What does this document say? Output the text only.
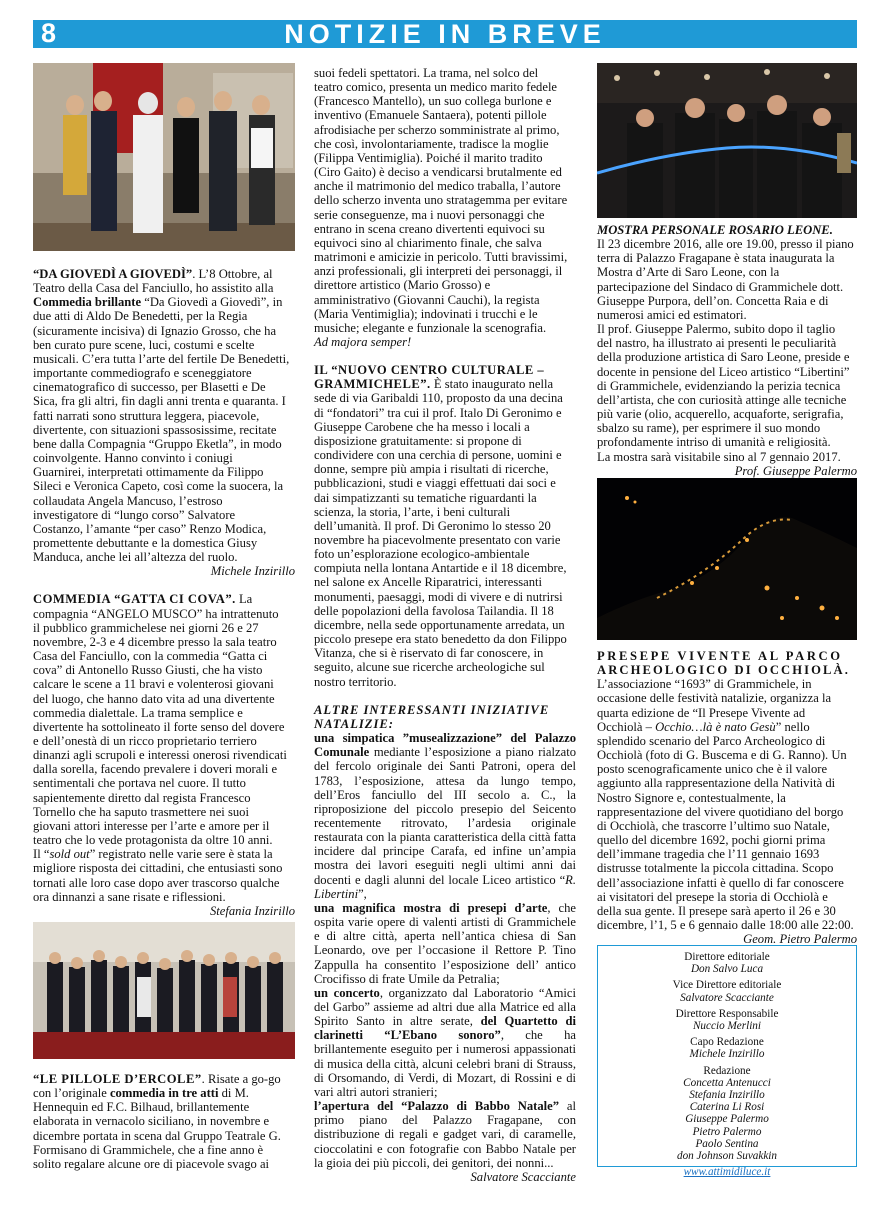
8	NOTIZIE IN BREVE

“DA GIOVEDÌ A GIOVEDÌ”. L’8 Ottobre, al
Teatro della Casa del Fanciullo, ho assistito alla
Commedia brillante “Da Giovedì a Giovedì”, in
due atti di Aldo De Benedetti, per la Regia
(sicuramente incisiva) di Ignazio Grosso, che ha
ben curato pure scene, luci, costumi e scelte
musicali. C’era tutta l’arte del fertile De Benedetti,
importante commediografo e sceneggiatore
cinematografico di successo, per Blasetti e De
Sica, fra gli altri, fin dagli anni trenta e quaranta. I
fatti narrati sono struttura leggera, piacevole,
divertente, con situazioni spassosissime, recitate
bene dalla Compagnia “Gruppo Eketla”, in modo
coinvolgente. Hanno convinto i coniugi
Guarnirei, interpretati ottimamente da Filippo
Sileci e Veronica Capeto, così come la suocera, la
collaudata Angela Mancuso, l’estroso
investigatore di “lungo corso” Salvatore
Costanzo, l’amante “per caso” Renzo Modica,
promettente debuttante e la domestica Giusy
Manduca, anche lei all’altezza del ruolo.

Michele Inzirillo

COMMEDIA “GATTA CI COVA”. La
compagnia “ANGELO MUSCO” ha intrattenuto
il pubblico grammichelese nei giorni 26 e 27
novembre, 2-3 e 4 dicembre presso la sala teatro
Casa del Fanciullo, con la commedia “Gatta ci
cova” di Antonello Russo Giusti, che ha visto
calcare le scene a 11 bravi e volenterosi giovani
del luogo, che hanno dato vita ad una divertente
commedia dialettale. La trama semplice e
divertente ha sottolineato il forte senso del dovere
e dell’onestà di un ricco proprietario terriero
dinanzi agli scrupoli e interessi onerosi rivendicati
dalla sorella, facendo prevalere i doveri morali e
sentimentali che portava nel cuore. Il tutto
sapientemente diretto dal regista Francesco
Tornello che ha saputo trasmettere nei suoi
giovani attori interesse per l’arte e amore per il
teatro che lo vede protagonista da oltre 10 anni.
Il “sold out” registrato nelle varie sere è stata la
migliore risposta dei cittadini, che entusiasti sono
tornati alle loro case dopo aver trascorso qualche
ora dinnanzi a sane risate e riflessioni.

Stefania Inzirillo

“LE PILLOLE D’ERCOLE”. Risate a go-go
con l’originale commedia in tre atti di M.
Hennequin ed F.C. Bilhaud, brillantemente
elaborata in vernacolo siciliano, in novembre e
dicembre portata in scena dal Gruppo Teatrale G.
Formisano di Grammichele, che a fine anno è
solito regalare alcune ore di piacevole svago ai

suoi fedeli spettatori. La trama, nel solco del
teatro comico, presenta un medico marito fedele
(Francesco Mantello), un suo collega burlone e
inventivo (Emanuele Santaera), potenti pillole
afrodisiache per scherzo somministrate al primo,
che così, involontariamente, tradisce la moglie
(Filippa Ventimiglia). Poiché il marito tradito
(Ciro Gaito) è deciso a vendicarsi brutalmente ed
anche il matrimonio del medico traballa, l’autore
dello scherzo inventa uno stratagemma per evitare
serie conseguenze, ma i nuovi personaggi che
entrano in scena creano divertenti equivoci su
equivoci sino al chiarimento finale, che salva
matrimoni e amicizie in pericolo. Tutti bravissimi,
anzi professionali, gli interpreti dei personaggi, il
direttore artistico (Mario Grosso) e
amministrativo (Giovanni Cauchi), la regista
(Maria Ventimiglia); indovinati i trucchi e le
musiche; elegante e funzionale la scenografia.
Ad majora semper!

IL “NUOVO CENTRO CULTURALE –
GRAMMICHELE”. È stato inaugurato nella
sede di via Garibaldi 110, proposto da una decina
di “fondatori” tra cui il prof. Italo Di Geronimo e
Giuseppe Carobene che ha messo i locali a
disposizione gratuitamente: si propone di
condividere con una cerchia di persone, uomini e
donne, sempre più ampia i risultati di ricerche,
pubblicazioni, studi e viaggi effettuati dai soci e
dai simpatizzanti su tematiche riguardanti la
scienza, la storia, l’arte, i beni culturali
dell’umanità. Il prof. Di Geronimo lo stesso 20
novembre ha piacevolmente presentato con varie
foto un’esplorazione ecologico-ambientale
compiuta nella lontana Antartide e il 18 dicembre,
nel salone ex Ancelle Riparatrici, interessanti
monumenti, paesaggi, modi di vivere e di nutrirsi
delle popolazioni della favolosa Tailandia. Il 18
dicembre, nella sede opportunamente arredata, un
piccolo presepe era stato benedetto da don Filippo
Vitanza, che si è riservato di far conoscere, in
seguito, alcune sue ricerche archeologiche sul
nostro territorio.

ALTRE INTERESSANTI INIZIATIVE
NATALIZIE:
una simpatica ”musealizzazione” del Palazzo Comunale mediante l’esposizione a piano rialzato del fercolo originale dei Santi Patroni, opera del 1783, l’esposizione, attesa da lungo tempo, dell’Eros fanciullo del III secolo a. C., la riproposizione del piccolo presepio del Seicento recentemente ritrovato, l’ardesia originale restaurata con la pianta caratteristica della città fatta incidere dal principe Carafa, ed infine un’ampia mostra dei lavori eseguiti negli ultimi anni dai docenti e dagli alunni del locale Liceo artistico “R. Libertini”,
una magnifica mostra di presepi d’arte, che ospita varie opere di valenti artisti di Grammichele e di altre città, aperta nell’antica chiesa di San Leonardo, ove per l’occasione il Rettore P. Tino Zappulla ha consentito l’esposizione dell’ antico Crocifisso di frate Umile da Petralia;
un concerto, organizzato dal Laboratorio “Amici del Garbo” assieme ad altri due alla Matrice ed alla Spirito Santo in altre serate, del Quartetto di clarinetti “L’Ebano sonoro”, che ha brillantemente eseguito per i numerosi appassionati di musica della città, alcuni celebri brani di Strauss, di Orsomando, di Verdi, di Mozart, di Rossini e di vari altri autori stranieri;
l’apertura del “Palazzo di Babbo Natale” al primo piano del Palazzo Fragapane, con distribuzione di regali e gadget vari, di caramelle, cioccolatini e con fotografie con Babbo Natale per la gioia dei più piccoli, dei genitori, dei nonni...

Salvatore Scacciante

MOSTRA PERSONALE ROSARIO LEONE.
Il 23 dicembre 2016, alle ore 19.00, presso il piano
terra di Palazzo Fragapane è stata inaugurata la
Mostra d’Arte di Saro Leone, con la
partecipazione del Sindaco di Grammichele dott.
Giuseppe Purpora, dell’on. Concetta Raia e di
numerosi amici ed estimatori.
Il prof. Giuseppe Palermo, subito dopo il taglio
del nastro, ha illustrato ai presenti le peculiarità
della produzione artistica di Saro Leone, preside e
docente in pensione del Liceo artistico “Libertini”
di Grammichele, evidenziando la perizia tecnica
dell’artista, che con curiosità attinge alle tecniche
più varie (olio, acquerello, acquaforte, serigrafia,
sbalzo su rame), per esprimere il suo mondo
profondamente intriso di umanità e religiosità.
La mostra sarà visitabile sino al 7 gennaio 2017.

Prof. Giuseppe Palermo

PRESEPE VIVENTE AL PARCO
ARCHEOLOGICO DI OCCHIOLÀ.
L’associazione “1693” di Grammichele, in
occasione delle festività natalizie, organizza la
quarta edizione de “Il Presepe Vivente ad
Occhiolà – Occhio…là è nato Gesù” nello
splendido scenario del Parco Archeologico di
Occhiolà (foto di G. Buscema e di G. Ranno). Un
posto scenograficamente unico che è il valore
aggiunto alla rappresentazione della Natività di
Nostro Signore e, contestualmente, la
rappresentazione del vivere quotidiano del borgo
di Occhiolà, che trascorre l’ultimo suo Natale,
quello del dicembre 1692, pochi giorni prima
dell’immane tragedia che l’11 gennaio 1693
distrusse totalmente la piccola cittadina. Scopo
dell’associazione infatti è quello di far conoscere
ai visitatori del presepe la storia di Occhiolà e
della sua gente. Il presepe sarà aperto il 26 e 30
dicembre, l’1, 5 e 6 gennaio dalle 18:00 alle 22:00.

Geom. Pietro Palermo

Direttore editoriale
Don Salvo Luca
Vice Direttore editoriale
Salvatore Scacciante
Direttore Responsabile
Nuccio Merlini
Capo Redazione
Michele Inzirillo
Redazione
Concetta Antenucci
Stefania Inzirillo
Caterina Li Rosi
Giuseppe Palermo
Pietro Palermo
Paolo Sentina
don Johnson Suvakkin
www.attimidiluce.it
